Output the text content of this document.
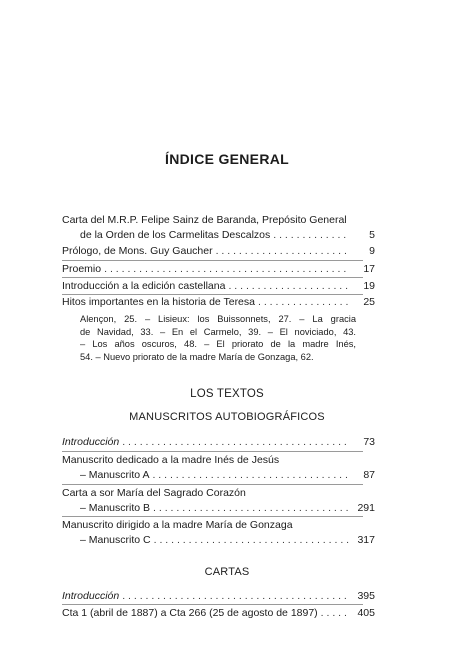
ÍNDICE GENERAL
Carta del M.R.P. Felipe Sainz de Baranda, Prepósito General
de la Orden de los Carmelitas Descalzos . . .	5
Prólogo, de Mons. Guy Gaucher . . .	9
Proemio . . .	17
Introducción a la edición castellana . . .	19
Hitos importantes en la historia de Teresa . . .	25
Alençon, 25. – Lisieux: los Buissonnets, 27. – La gracia
de Navidad, 33. – En el Carmelo, 39. – El noviciado, 43.
– Los años oscuros, 48. – El priorato de la madre Inés,
54. – Nuevo priorato de la madre María de Gonzaga, 62.
LOS TEXTOS
MANUSCRITOS AUTOBIOGRÁFICOS
Introducción . . .	73
Manuscrito dedicado a la madre Inés de Jesús
– Manuscrito A . . .	87
Carta a sor María del Sagrado Corazón
– Manuscrito B . . .	291
Manuscrito dirigido a la madre María de Gonzaga
– Manuscrito C . . .	317
CARTAS
Introducción . . .	395
Cta 1 (abril de 1887) a Cta 266 (25 de agosto de 1897) . . .	405
